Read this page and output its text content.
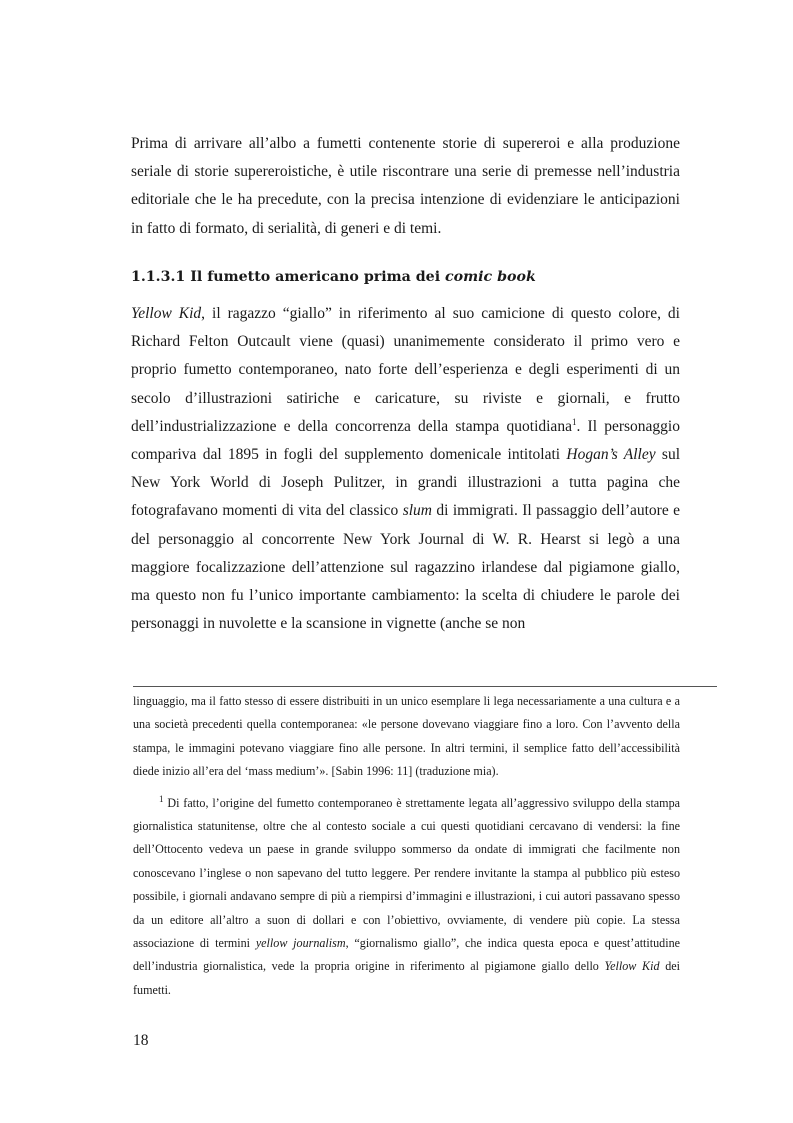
Prima di arrivare all’albo a fumetti contenente storie di supereroi e alla produzione seriale di storie supereroistiche, è utile riscontrare una serie di premesse nell’industria editoriale che le ha precedute, con la precisa intenzione di evidenziare le anticipazioni in fatto di formato, di serialità, di generi e di temi.

1.1.3.1 Il fumetto americano prima dei comic book

Yellow Kid, il ragazzo “giallo” in riferimento al suo camicione di questo colore, di Richard Felton Outcault viene (quasi) unanimemente considerato il primo vero e proprio fumetto contemporaneo, nato forte dell’esperienza e degli esperimenti di un secolo d’illustrazioni satiriche e caricature, su riviste e giornali, e frutto dell’industrializzazione e della concorrenza della stampa quotidiana$^1$. Il personaggio compariva dal 1895 in fogli del supplemento domenicale intitolati Hogan’s Alley sul New York World di Joseph Pulitzer, in grandi illustrazioni a tutta pagina che fotografavano momenti di vita del classico slum di immigrati. Il passaggio dell’autore e del personaggio al concorrente New York Journal di W. R. Hearst si legò a una maggiore focalizzazione dell’attenzione sul ragazzino irlandese dal pigiamone giallo, ma questo non fu l’unico importante cambiamento: la scelta di chiudere le parole dei personaggi in nuvolette e la scansione in vignette (anche se non

linguaggio, ma il fatto stesso di essere distribuiti in un unico esemplare li lega necessariamente a una cultura e a una società precedenti quella contemporanea: «le persone dovevano viaggiare fino a loro. Con l’avvento della stampa, le immagini potevano viaggiare fino alle persone. In altri termini, il semplice fatto dell’accessibilità diede inizio all’era del ‘mass medium’». [Sabin 1996: 11] (traduzione mia).

$^1$ Di fatto, l’origine del fumetto contemporaneo è strettamente legata all’aggressivo sviluppo della stampa giornalistica statunitense, oltre che al contesto sociale a cui questi quotidiani cercavano di vendersi: la fine dell’Ottocento vedeva un paese in grande sviluppo sommerso da ondate di immigrati che facilmente non conoscevano l’inglese o non sapevano del tutto leggere. Per rendere invitante la stampa al pubblico più esteso possibile, i giornali andavano sempre di più a riempirsi d’immagini e illustrazioni, i cui autori passavano spesso da un editore all’altro a suon di dollari e con l’obiettivo, ovviamente, di vendere più copie. La stessa associazione di termini yellow journalism, “giornalismo giallo”, che indica questa epoca e quest’attitudine dell’industria giornalistica, vede la propria origine in riferimento al pigiamone giallo dello Yellow Kid dei fumetti.

18
